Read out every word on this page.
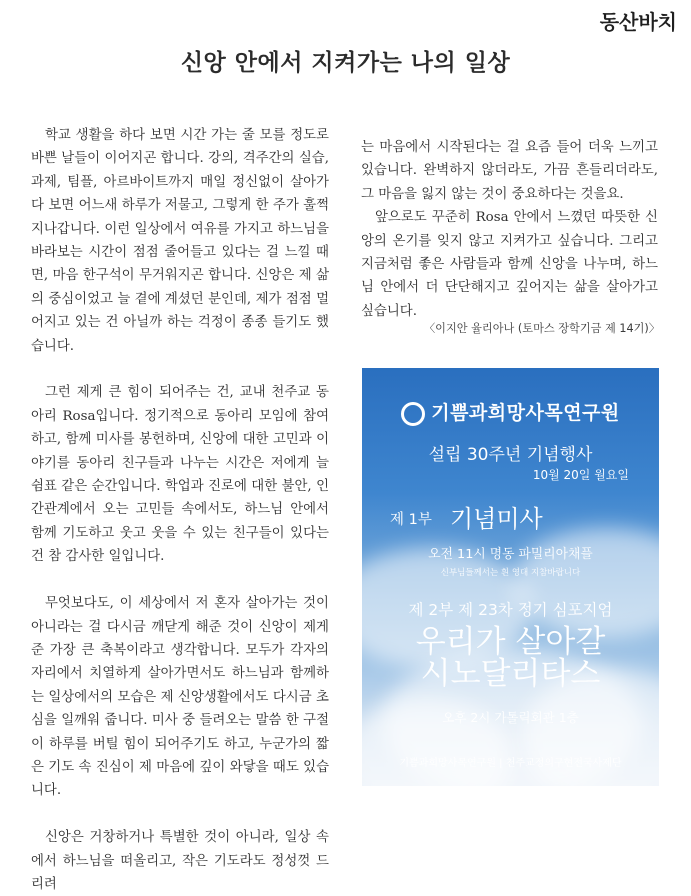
동산바치
신앙 안에서 지켜가는 나의 일상

학교 생활을 하다 보면 시간 가는 줄 모를 정도로 바쁜 날들이 이어지곤 합니다. 강의, 격주간의 실습, 과제, 팀플, 아르바이트까지 매일 정신없이 살아가다 보면 어느새 하루가 저물고, 그렇게 한 주가 훌쩍 지나갑니다. 이런 일상에서 여유를 가지고 하느님을 바라보는 시간이 점점 줄어들고 있다는 걸 느낄 때면, 마음 한구석이 무거워지곤 합니다. 신앙은 제 삶의 중심이었고 늘 곁에 계셨던 분인데, 제가 점점 멀어지고 있는 건 아닐까 하는 걱정이 종종 들기도 했습니다.

그런 제게 큰 힘이 되어주는 건, 교내 천주교 동아리 Rosa입니다. 정기적으로 동아리 모임에 참여하고, 함께 미사를 봉헌하며, 신앙에 대한 고민과 이야기를 동아리 친구들과 나누는 시간은 저에게 늘 쉼표 같은 순간입니다. 학업과 진로에 대한 불안, 인간관계에서 오는 고민들 속에서도, 하느님 안에서 함께 기도하고 웃고 웃을 수 있는 친구들이 있다는 건 참 감사한 일입니다.

무엇보다도, 이 세상에서 저 혼자 살아가는 것이 아니라는 걸 다시금 깨닫게 해준 것이 신앙이 제게 준 가장 큰 축복이라고 생각합니다. 모두가 각자의 자리에서 치열하게 살아가면서도 하느님과 함께하는 일상에서의 모습은 제 신앙생활에서도 다시금 초심을 일깨워 줍니다. 미사 중 들려오는 말씀 한 구절이 하루를 버틸 힘이 되어주기도 하고, 누군가의 짧은 기도 속 진심이 제 마음에 깊이 와닿을 때도 있습니다.

신앙은 거창하거나 특별한 것이 아니라, 일상 속에서 하느님을 떠올리고, 작은 기도라도 정성껏 드리려

는 마음에서 시작된다는 걸 요즘 들어 더욱 느끼고 있습니다. 완벽하지 않더라도, 가끔 흔들리더라도, 그 마음을 잃지 않는 것이 중요하다는 것을요.

앞으로도 꾸준히 Rosa 안에서 느꼈던 따뜻한 신앙의 온기를 잊지 않고 지켜가고 싶습니다. 그리고 지금처럼 좋은 사람들과 함께 신앙을 나누며, 하느님 안에서 더 단단해지고 깊어지는 삶을 살아가고 싶습니다.

〈이지안 율리아나 (토마스 장학기금 제 14기)〉
기쁨과희망사목연구원
설립 30주년 기념행사
10월 20일 월요일
제 1부 기념미사
오전 11시 명동 파밀리아채플
신부님들께서는 흰 영대 지참바랍니다
제 2부 제 23차 정기 심포지엄
우리가 살아갈
시노달리타스
오후 2시 가톨릭회관 1층
기쁨과희망사목연구원 | 천주교정의구현전국사제단
